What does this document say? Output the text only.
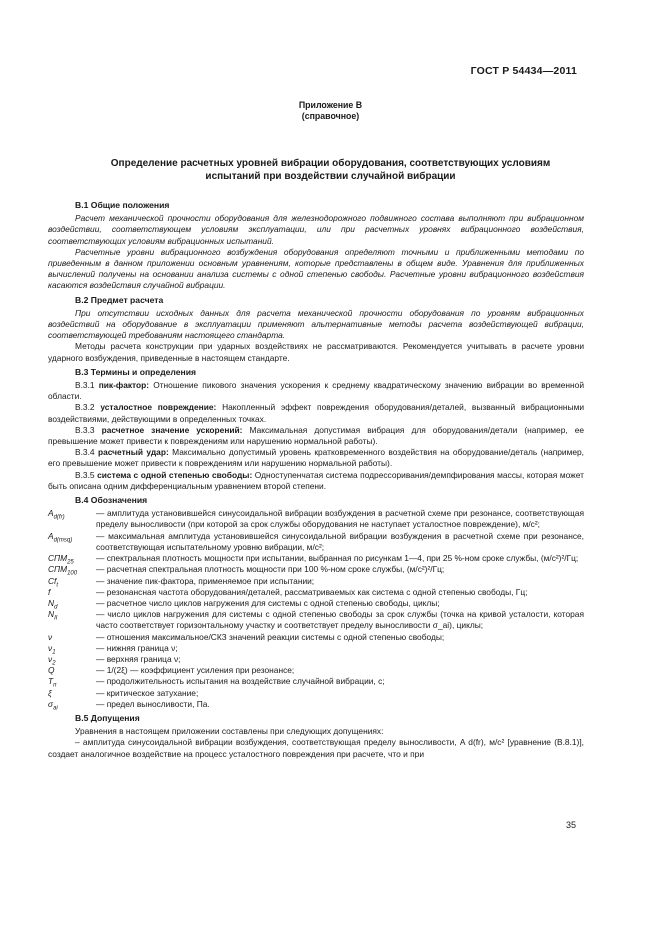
ГОСТ Р 54434—2011
Приложение В
(справочное)
Определение расчетных уровней вибрации оборудования, соответствующих условиям
испытаний при воздействии случайной вибрации
В.1 Общие положения

Расчет механической прочности оборудования для железнодорожного подвижного состава выполняют при вибрационном воздействии, соответствующем условиям эксплуатации, или при расчетных уровнях вибрационного воздействия, соответствующих условиям вибрационных испытаний.

Расчетные уровни вибрационного возбуждения оборудования определяют точными и приближенными методами по приведенным в данном приложении основным уравнениям, которые представлены в общем виде. Уравнения для приближенных вычислений получены на основании анализа системы с одной степенью свободы. Расчетные уровни вибрационного воздействия касаются воздействия случайной вибрации.

В.2 Предмет расчета

При отсутствии исходных данных для расчета механической прочности оборудования по уровням вибрационных воздействий на оборудование в эксплуатации применяют альтернативные методы расчета воздействующей вибрации, соответствующей требованиям настоящего стандарта.

Методы расчета конструкции при ударных воздействиях не рассматриваются. Рекомендуется учитывать в расчете уровни ударного возбуждения, приведенные в настоящем стандарте.

В.3 Термины и определения

В.3.1 пик-фактор: Отношение пикового значения ускорения к среднему квадратическому значению вибрации во временной области.

В.3.2 усталостное повреждение: Накопленный эффект повреждения оборудования/деталей, вызванный вибрационными воздействиями, действующими в определенных точках.

В.3.3 расчетное значение ускорений: Максимальная допустимая вибрация для оборудования/детали (например, ее превышение может привести к повреждениям или нарушению нормальной работы).

В.3.4 расчетный удар: Максимально допустимый уровень кратковременного воздействия на оборудование/деталь (например, его превышение может привести к повреждениям или нарушению нормальной работы).

В.3.5 система с одной степенью свободы: Одноступенчатая система подрессоривания/демпфирования массы, которая может быть описана одним дифференциальным уравнением второй степени.

В.4 Обозначения
$A_{d(fr)}$	— амплитуда установившейся синусоидальной вибрации возбуждения в расчетной схеме при резонансе, соответствующая пределу выносливости (при которой за срок службы оборудования не наступает усталостное повреждение), м/с²;
$A_{d(msq)}$	— максимальная амплитуда установившейся синусоидальной вибрации возбуждения в расчетной схеме при резонансе, соответствующая испытательному уровню вибрации, м/с²;
$СПМ_{25}$	— спектральная плотность мощности при испытании, выбранная по рисункам 1—4, при 25 %-ном сроке службы, (м/с²)²/Гц;
$СПМ_{100}$	— расчетная спектральная плотность мощности при 100 %-ном сроке службы, (м/с²)²/Гц;
$Cf_t$	— значение пик-фактора, применяемое при испытании;
f	— резонансная частота оборудования/деталей, рассматриваемых как система с одной степенью свободы, Гц;
$N_d$	— расчетное число циклов нагружения для системы с одной степенью свободы, циклы;
$N_{II}$	— число циклов нагружения для системы с одной степенью свободы за срок службы (точка на кривой усталости, которая часто соответствует горизонтальному участку и соответствует пределу выносливости σ_ai), циклы;
ν	— отношения максимальное/СКЗ значений реакции системы с одной степенью свободы;
$\nu_1$	— нижняя граница ν;
$\nu_2$	— верхняя граница ν;
Q	— 1/(2ξ) — коэффициент усиления при резонансе;
$T_п$	— продолжительность испытания на воздействие случайной вибрации, с;
ξ	— критическое затухание;
$\sigma_{ai}$	— предел выносливости, Па.
В.5 Допущения

Уравнения в настоящем приложении составлены при следующих допущениях:

– амплитуда синусоидальной вибрации возбуждения, соответствующая пределу выносливости, A d(fr), м/с² [уравнение (В.8.1)], создает аналогичное воздействие на процесс усталостного повреждения при расчете, что и при

35
